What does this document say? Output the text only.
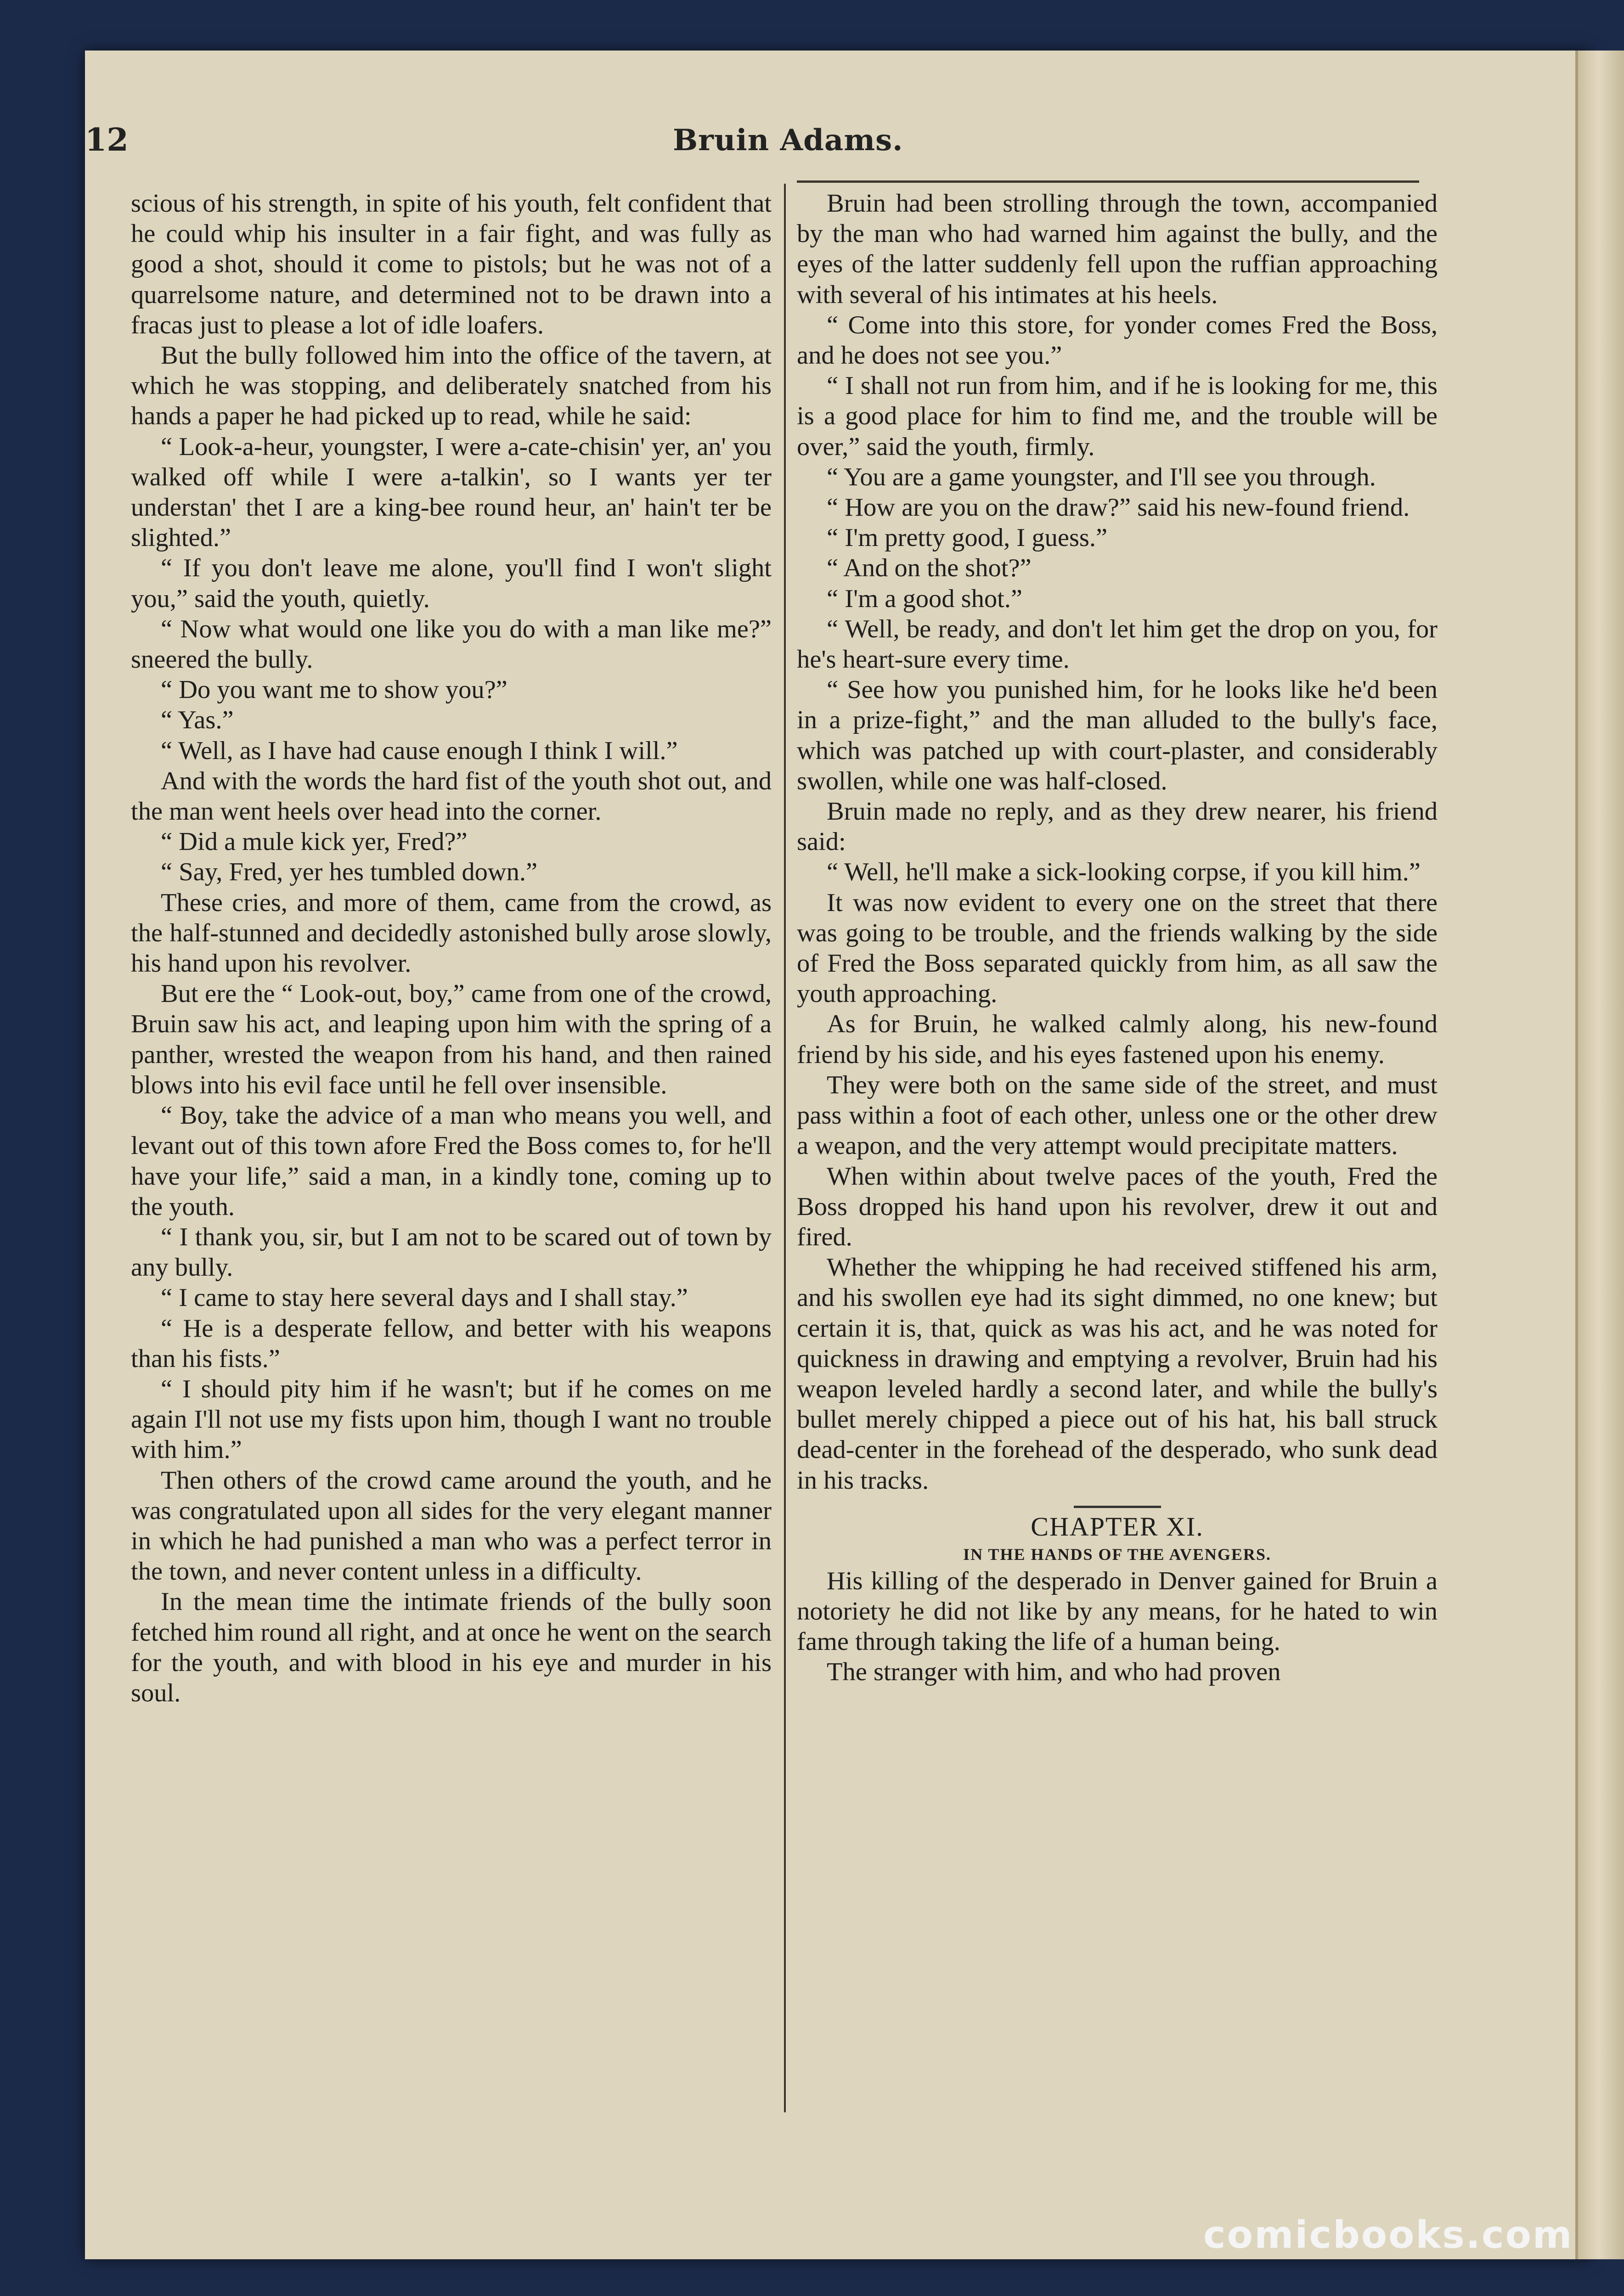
12	Bruin Adams.

scious of his strength, in spite of his youth, felt confident that he could whip his insulter in a fair fight, and was fully as good a shot, should it come to pistols; but he was not of a quarrelsome nature, and determined not to be drawn into a fracas just to please a lot of idle loafers.

But the bully followed him into the office of the tavern, at which he was stopping, and deliberately snatched from his hands a paper he had picked up to read, while he said:

“ Look-a-heur, youngster, I were a-cate-chisin' yer, an' you walked off while I were a-talkin', so I wants yer ter understan' thet I are a king-bee round heur, an' hain't ter be slighted.”

“ If you don't leave me alone, you'll find I won't slight you,” said the youth, quietly.

“ Now what would one like you do with a man like me?” sneered the bully.

“ Do you want me to show you?”

“ Yas.”

“ Well, as I have had cause enough I think I will.”

And with the words the hard fist of the youth shot out, and the man went heels over head into the corner.

“ Did a mule kick yer, Fred?”

“ Say, Fred, yer hes tumbled down.”

These cries, and more of them, came from the crowd, as the half-stunned and decidedly astonished bully arose slowly, his hand upon his revolver.

But ere the “ Look-out, boy,” came from one of the crowd, Bruin saw his act, and leaping upon him with the spring of a panther, wrested the weapon from his hand, and then rained blows into his evil face until he fell over insensible.

“ Boy, take the advice of a man who means you well, and levant out of this town afore Fred the Boss comes to, for he'll have your life,” said a man, in a kindly tone, coming up to the youth.

“ I thank you, sir, but I am not to be scared out of town by any bully.

“ I came to stay here several days and I shall stay.”

“ He is a desperate fellow, and better with his weapons than his fists.”

“ I should pity him if he wasn't; but if he comes on me again I'll not use my fists upon him, though I want no trouble with him.”

Then others of the crowd came around the youth, and he was congratulated upon all sides for the very elegant manner in which he had punished a man who was a perfect terror in the town, and never content unless in a difficulty.

In the mean time the intimate friends of the bully soon fetched him round all right, and at once he went on the search for the youth, and with blood in his eye and murder in his soul.

Bruin had been strolling through the town, accompanied by the man who had warned him against the bully, and the eyes of the latter suddenly fell upon the ruffian approaching with several of his intimates at his heels.

“ Come into this store, for yonder comes Fred the Boss, and he does not see you.”

“ I shall not run from him, and if he is looking for me, this is a good place for him to find me, and the trouble will be over,” said the youth, firmly.

“ You are a game youngster, and I'll see you through.

“ How are you on the draw?” said his new-found friend.

“ I'm pretty good, I guess.”

“ And on the shot?”

“ I'm a good shot.”

“ Well, be ready, and don't let him get the drop on you, for he's heart-sure every time.

“ See how you punished him, for he looks like he'd been in a prize-fight,” and the man alluded to the bully's face, which was patched up with court-plaster, and considerably swollen, while one was half-closed.

Bruin made no reply, and as they drew nearer, his friend said:

“ Well, he'll make a sick-looking corpse, if you kill him.”

It was now evident to every one on the street that there was going to be trouble, and the friends walking by the side of Fred the Boss separated quickly from him, as all saw the youth approaching.

As for Bruin, he walked calmly along, his new-found friend by his side, and his eyes fastened upon his enemy.

They were both on the same side of the street, and must pass within a foot of each other, unless one or the other drew a weapon, and the very attempt would precipitate matters.

When within about twelve paces of the youth, Fred the Boss dropped his hand upon his revolver, drew it out and fired.

Whether the whipping he had received stiffened his arm, and his swollen eye had its sight dimmed, no one knew; but certain it is, that, quick as was his act, and he was noted for quickness in drawing and emptying a revolver, Bruin had his weapon leveled hardly a second later, and while the bully's bullet merely chipped a piece out of his hat, his ball struck dead-center in the forehead of the desperado, who sunk dead in his tracks.

CHAPTER XI.

IN THE HANDS OF THE AVENGERS.

His killing of the desperado in Denver gained for Bruin a notoriety he did not like by any means, for he hated to win fame through taking the life of a human being.

The stranger with him, and who had proven

comicbooks.com
